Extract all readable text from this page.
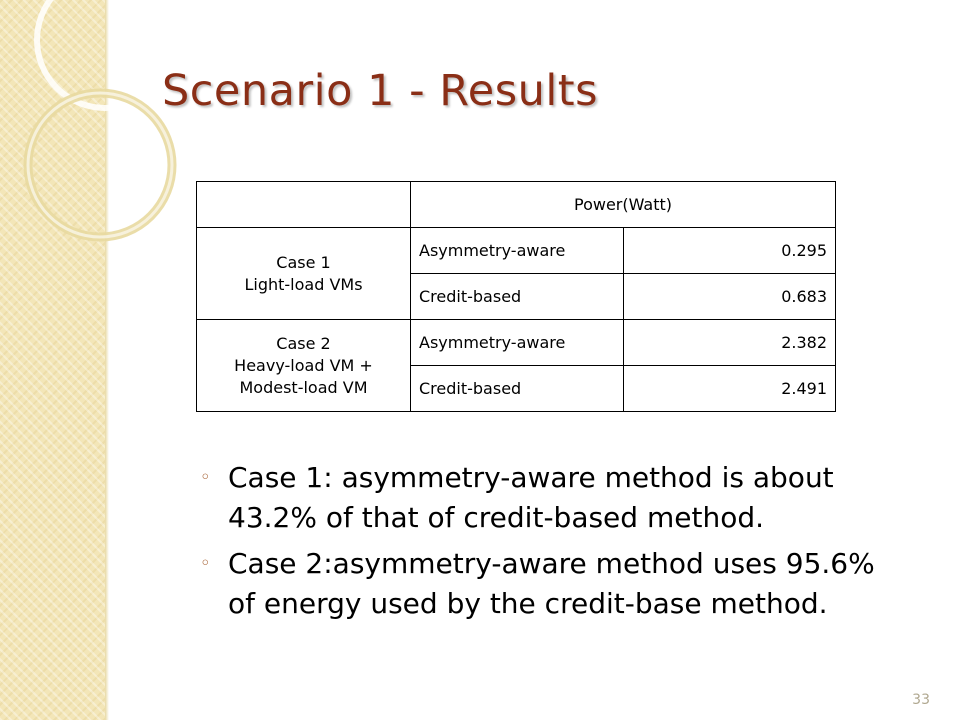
Scenario 1 - Results
	Power(Watt)	
Case 1
Light-load VMs	Asymmetry-aware	0.295
	Credit-based	0.683
Case 2
Heavy-load VM +
Modest-load VM	Asymmetry-aware	2.382
	Credit-based	2.491
◦ Case 1: asymmetry-aware method is about 43.2% of that of credit-based method.
◦ Case 2:asymmetry-aware method uses 95.6% of energy used by the credit-base method.
33
